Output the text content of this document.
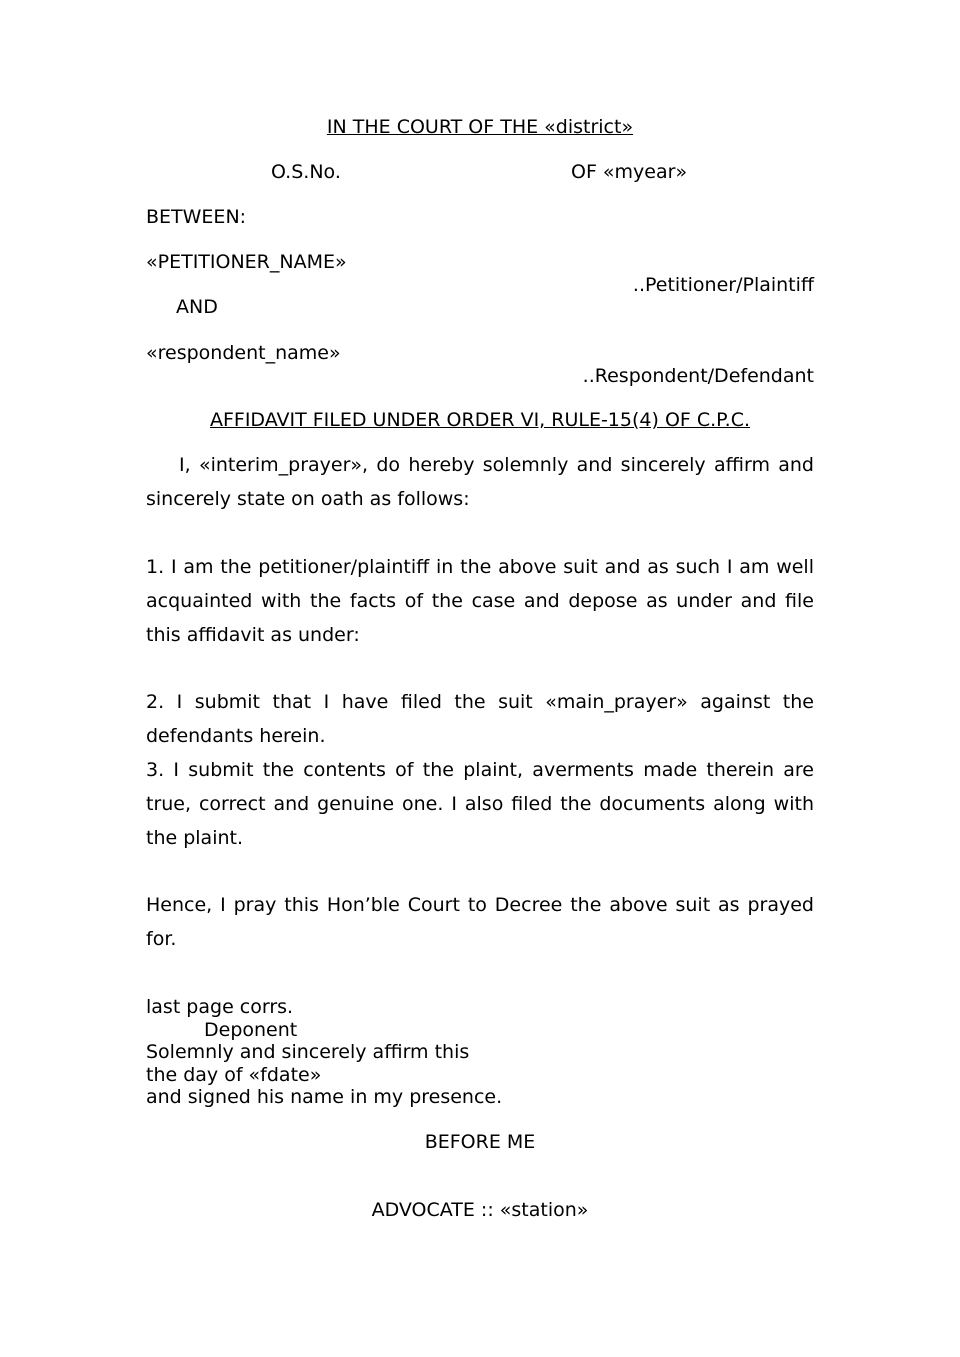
IN THE COURT OF THE «district»
O.S.No.	OF «myear»
BETWEEN:
«PETITIONER_NAME»
..Petitioner/Plaintiff
AND
«respondent_name»
..Respondent/Defendant
AFFIDAVIT FILED UNDER ORDER VI, RULE-15(4) OF C.P.C.

I, «interim_prayer», do hereby solemnly and sincerely affirm and sincerely state on oath as follows:

1. I am the petitioner/plaintiff in the above suit and as such I am well acquainted with the facts of the case and depose as under and file this affidavit as under:

2. I submit that I have filed the suit «main_prayer» against the defendants herein.

3. I submit the contents of the plaint, averments made therein are true, correct and genuine one. I also filed the documents along with the plaint.

Hence, I pray this Hon’ble Court to Decree the above suit as prayed for.

last page corrs.
Deponent
Solemnly and sincerely affirm this
the day of «fdate»
and signed his name in my presence.
BEFORE ME
ADVOCATE :: «station»
